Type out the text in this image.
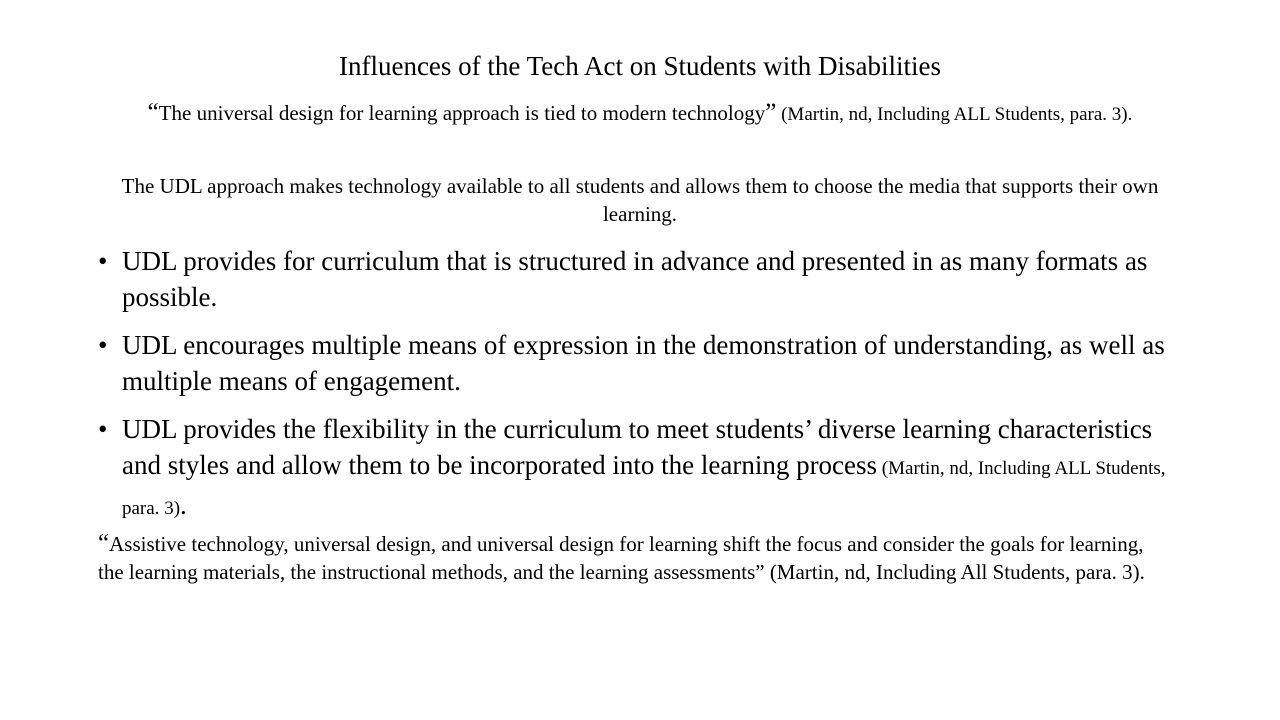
Influences of the Tech Act on Students with Disabilities
“The universal design for learning approach is tied to modern technology” (Martin, nd, Including ALL Students, para. 3).
The UDL approach makes technology available to all students and allows them to choose the media that supports their own learning.
• UDL provides for curriculum that is structured in advance and presented in as many formats as possible.
• UDL encourages multiple means of expression in the demonstration of understanding, as well as multiple means of engagement.
• UDL provides the flexibility in the curriculum to meet students’ diverse learning characteristics and styles and allow them to be incorporated into the learning process (Martin, nd, Including ALL Students, para. 3).
“Assistive technology, universal design, and universal design for learning shift the focus and consider the goals for learning, the learning materials, the instructional methods, and the learning assessments” (Martin, nd, Including All Students, para. 3).
